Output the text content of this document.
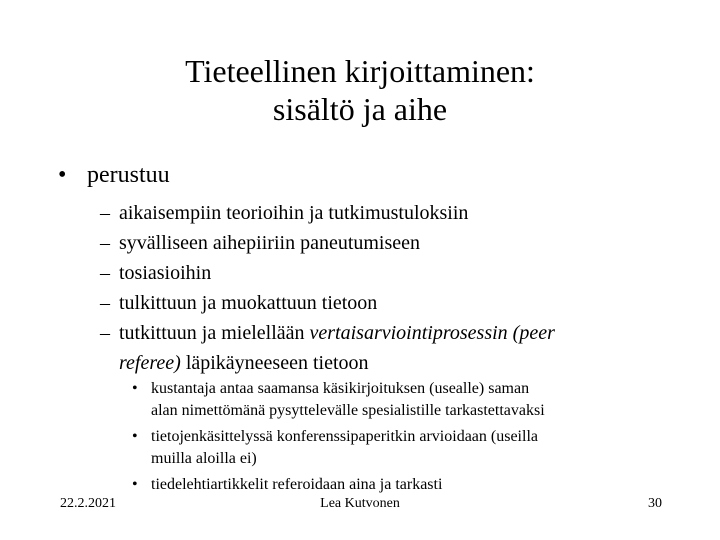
Tieteellinen kirjoittaminen:
sisältö ja aihe
• perustuu
– aikaisempiin teorioihin ja tutkimustuloksiin
– syvälliseen aihepiiriin paneutumiseen
– tosiasioihin
– tulkittuun ja muokattuun tietoon
– tutkittuun ja mielellään vertaisarviointiprosessin (peer
referee) läpikäyneeseen tietoon
• kustantaja antaa saamansa käsikirjoituksen (usealle) saman
alan nimettömänä pysyttelevälle spesialistille tarkastettavaksi
• tietojenkäsittelyssä konferenssipaperitkin arvioidaan (useilla
muilla aloilla ei)
• tiedelehtiartikkelit referoidaan aina ja tarkasti
22.2.2021	Lea Kutvonen	30
